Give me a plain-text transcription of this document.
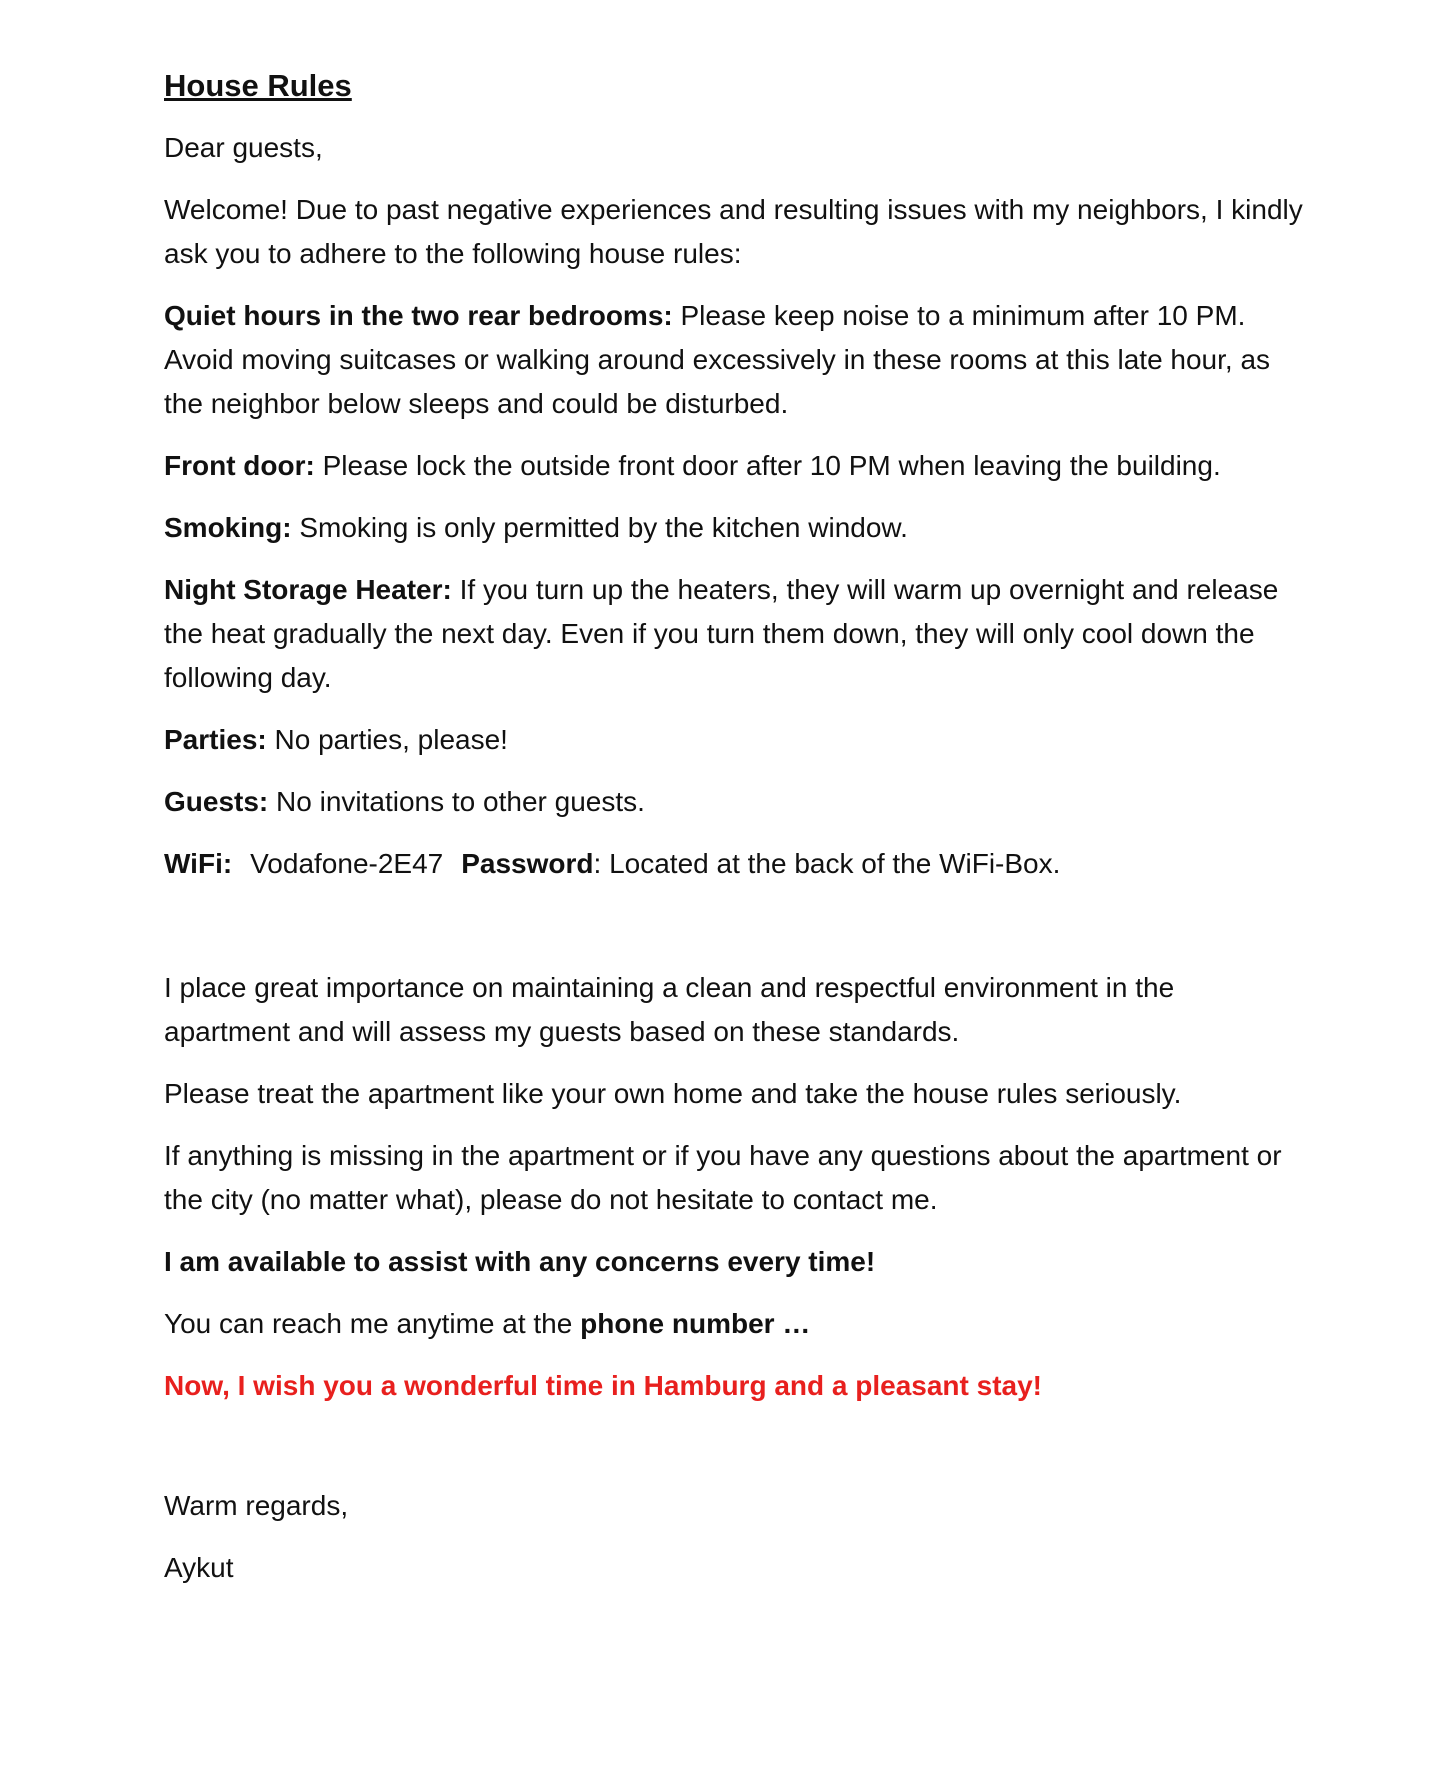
House Rules

Dear guests,

Welcome! Due to past negative experiences and resulting issues with my neighbors, I kindly ask you to adhere to the following house rules:

Quiet hours in the two rear bedrooms: Please keep noise to a minimum after 10 PM. Avoid moving suitcases or walking around excessively in these rooms at this late hour, as the neighbor below sleeps and could be disturbed.

Front door: Please lock the outside front door after 10 PM when leaving the building.

Smoking: Smoking is only permitted by the kitchen window.

Night Storage Heater: If you turn up the heaters, they will warm up overnight and release the heat gradually the next day. Even if you turn them down, they will only cool down the following day.

Parties: No parties, please!

Guests: No invitations to other guests.

WiFi: Vodafone-2E47 Password: Located at the back of the WiFi-Box.

I place great importance on maintaining a clean and respectful environment in the apartment and will assess my guests based on these standards.

Please treat the apartment like your own home and take the house rules seriously.

If anything is missing in the apartment or if you have any questions about the apartment or the city (no matter what), please do not hesitate to contact me.

I am available to assist with any concerns every time!

You can reach me anytime at the phone number …

Now, I wish you a wonderful time in Hamburg and a pleasant stay!

Warm regards,

Aykut
